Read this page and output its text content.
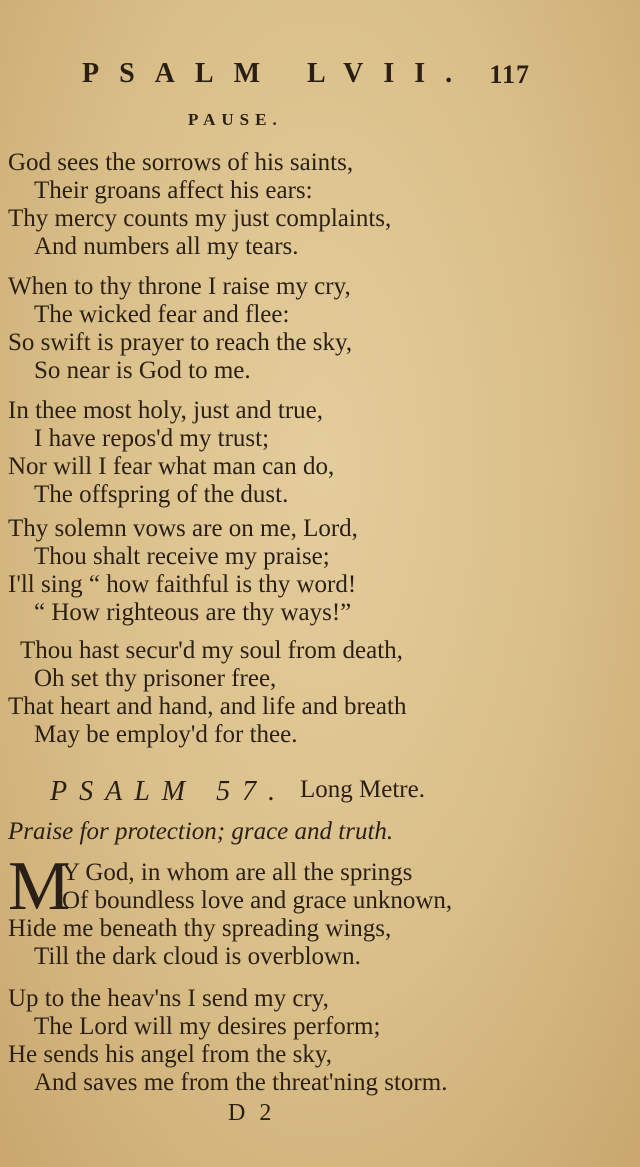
PSALM LVII. 117
PAUSE.
God sees the sorrows of his saints,
Their groans affect his ears:
Thy mercy counts my just complaints,
And numbers all my tears.
When to thy throne I raise my cry,
The wicked fear and flee:
So swift is prayer to reach the sky,
So near is God to me.
In thee most holy, just and true,
I have repos'd my trust;
Nor will I fear what man can do,
The offspring of the dust.
Thy solemn vows are on me, Lord,
Thou shalt receive my praise;
I'll sing “ how faithful is thy word!
“ How righteous are thy ways!”
Thou hast secur'd my soul from death,
Oh set thy prisoner free,
That heart and hand, and life and breath
May be employ'd for thee.
PSALM 57. Long Metre.
Praise for protection; grace and truth.
M
Y God, in whom are all the springs
Of boundless love and grace unknown,
Hide me beneath thy spreading wings,
Till the dark cloud is overblown.
Up to the heav'ns I send my cry,
The Lord will my desires perform;
He sends his angel from the sky,
And saves me from the threat'ning storm.
D 2
